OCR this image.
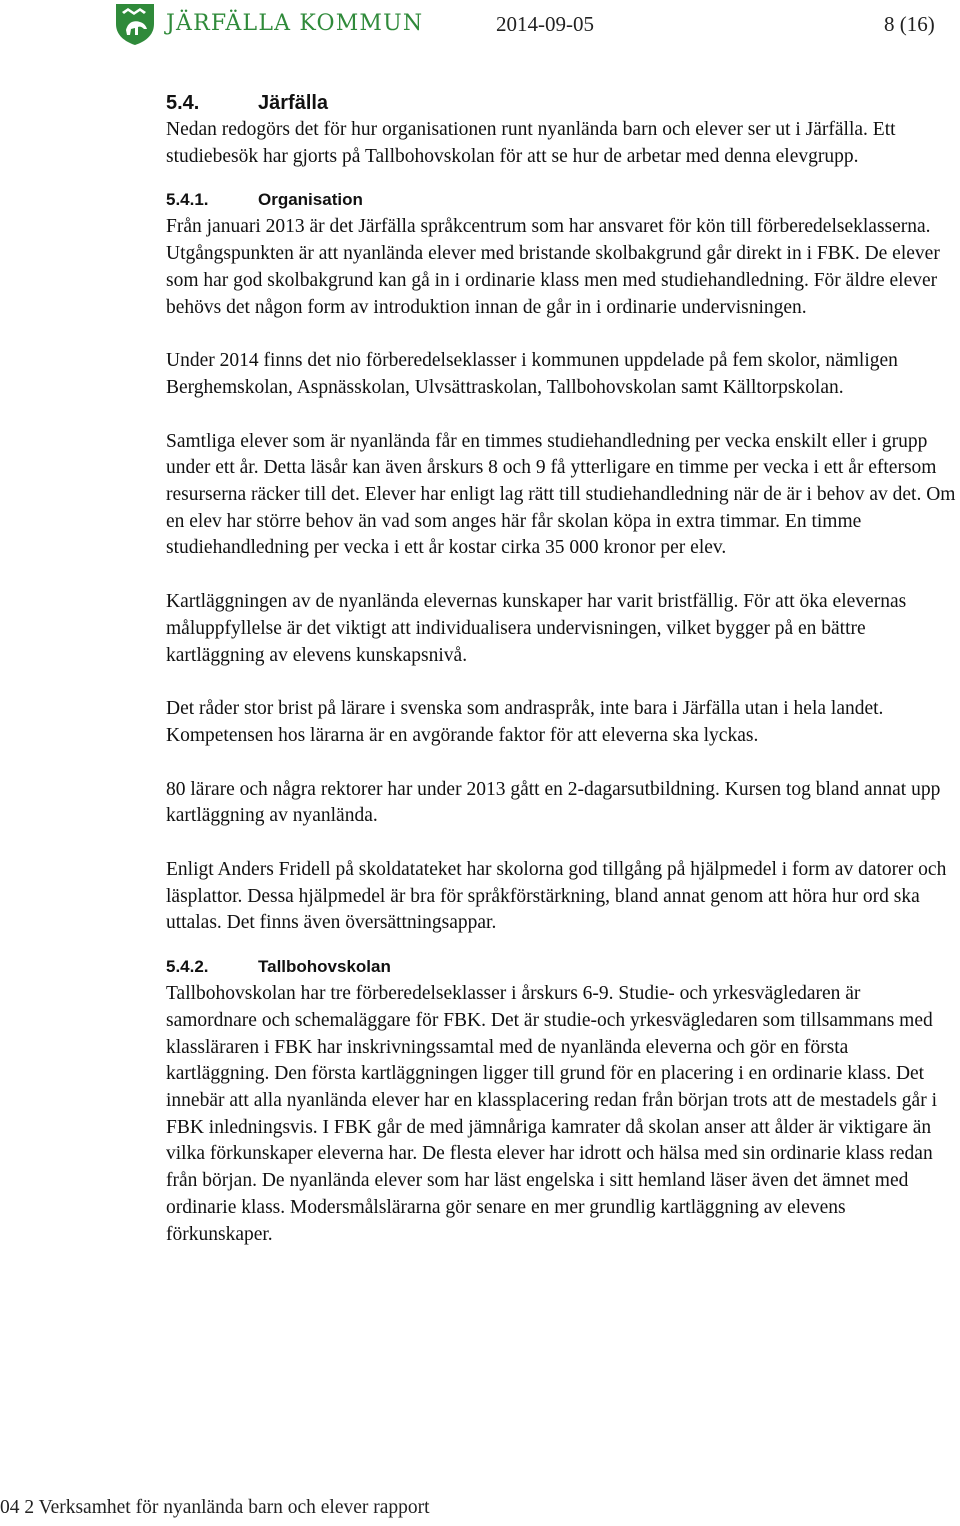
JÄRFÄLLA KOMMUN	2014-09-05	8 (16)
5.4.	Järfälla

Nedan redogörs det för hur organisationen runt nyanlända barn och elever ser ut i Järfälla. Ett studiebesök har gjorts på Tallbohovskolan för att se hur de arbetar med denna elevgrupp.

5.4.1.	Organisation

Från januari 2013 är det Järfälla språkcentrum som har ansvaret för kön till förberedelseklasserna. Utgångspunkten är att nyanlända elever med bristande skolbakgrund går direkt in i FBK. De elever som har god skolbakgrund kan gå in i ordinarie klass men med studiehandledning. För äldre elever behövs det någon form av introduktion innan de går in i ordinarie undervisningen.

Under 2014 finns det nio förberedelseklasser i kommunen uppdelade på fem skolor, nämligen Berghemskolan, Aspnässkolan, Ulvsättraskolan, Tallbohovskolan samt Källtorpskolan.

Samtliga elever som är nyanlända får en timmes studiehandledning per vecka enskilt eller i grupp under ett år. Detta läsår kan även årskurs 8 och 9 få ytterligare en timme per vecka i ett år eftersom resurserna räcker till det. Elever har enligt lag rätt till studiehandledning när de är i behov av det. Om en elev har större behov än vad som anges här får skolan köpa in extra timmar. En timme studiehandledning per vecka i ett år kostar cirka 35 000 kronor per elev.

Kartläggningen av de nyanlända elevernas kunskaper har varit bristfällig. För att öka elevernas måluppfyllelse är det viktigt att individualisera undervisningen, vilket bygger på en bättre kartläggning av elevens kunskapsnivå.

Det råder stor brist på lärare i svenska som andraspråk, inte bara i Järfälla utan i hela landet. Kompetensen hos lärarna är en avgörande faktor för att eleverna ska lyckas.

80 lärare och några rektorer har under 2013 gått en 2-dagarsutbildning. Kursen tog bland annat upp kartläggning av nyanlända.

Enligt Anders Fridell på skoldatateket har skolorna god tillgång på hjälpmedel i form av datorer och läsplattor. Dessa hjälpmedel är bra för språkförstärkning, bland annat genom att höra hur ord ska uttalas. Det finns även översättningsappar.

5.4.2.	Tallbohovskolan

Tallbohovskolan har tre förberedelseklasser i årskurs 6-9. Studie- och yrkesvägledaren är samordnare och schemaläggare för FBK. Det är studie-och yrkesvägledaren som tillsammans med klassläraren i FBK har inskrivningssamtal med de nyanlända eleverna och gör en första kartläggning. Den första kartläggningen ligger till grund för en placering i en ordinarie klass. Det innebär att alla nyanlända elever har en klassplacering redan från början trots att de mestadels går i FBK inledningsvis. I FBK går de med jämnåriga kamrater då skolan anser att ålder är viktigare än vilka förkunskaper eleverna har. De flesta elever har idrott och hälsa med sin ordinarie klass redan från början. De nyanlända elever som har läst engelska i sitt hemland läser även det ämnet med ordinarie klass. Modersmålslärarna gör senare en mer grundlig kartläggning av elevens förkunskaper.

04 2 Verksamhet för nyanlända barn och elever rapport
